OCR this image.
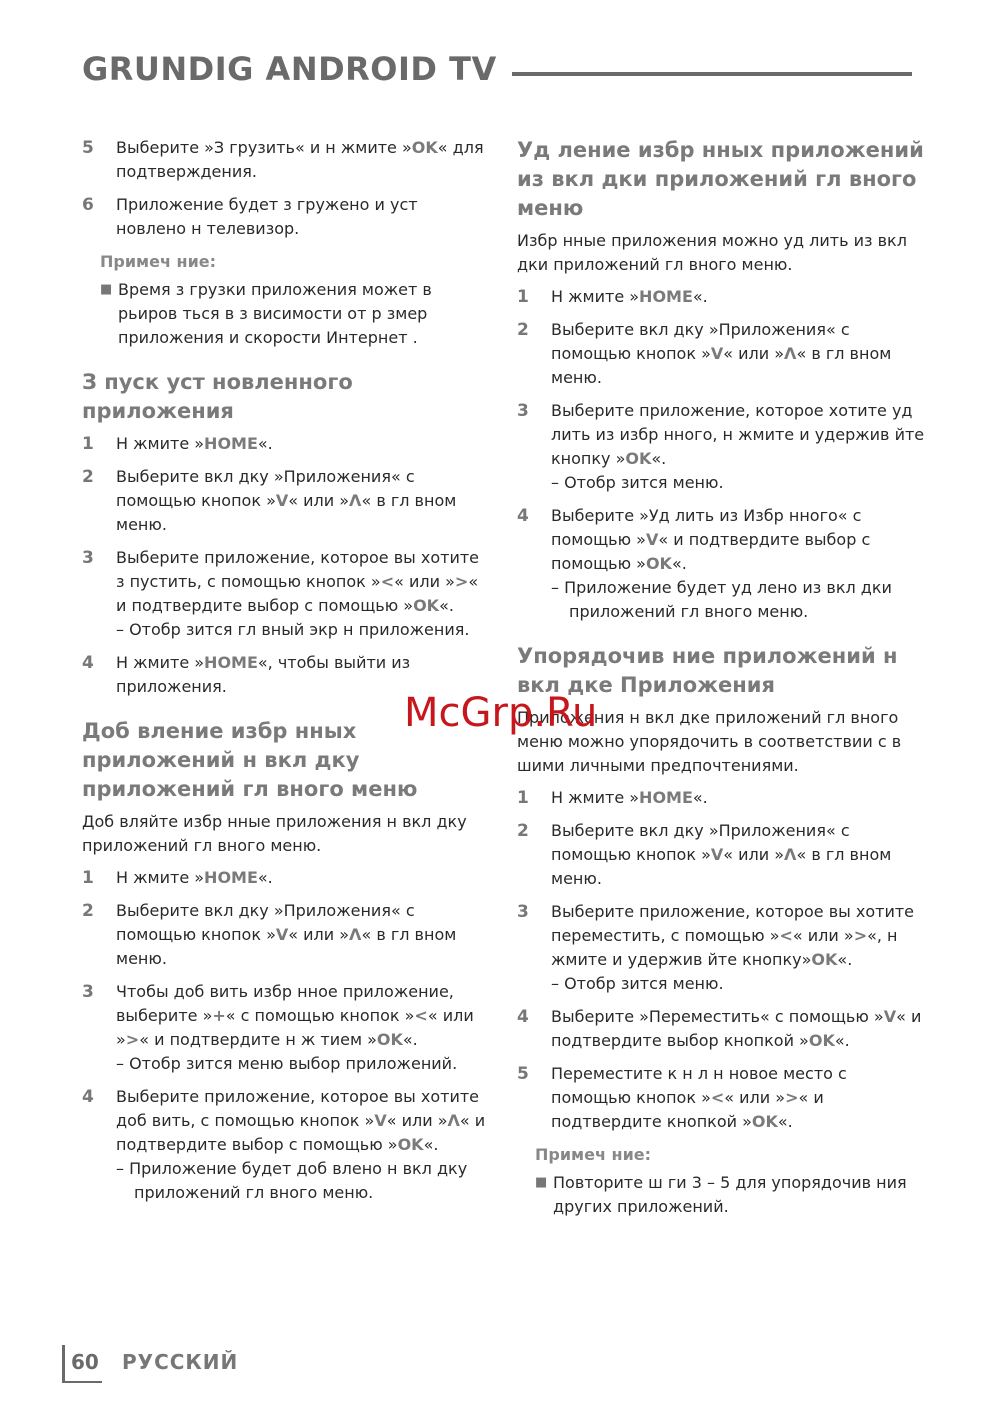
GRUNDIG ANDROID TV
5	Выберите »З грузить« и н жмите »OK« для подтверждения.
6	Приложение будет з гружено и уст новлено н телевизор.
Примеч ние:
■ Время з грузки приложения может в рьиров ться в з висимости от р змер приложения и скорости Интернет .
З пуск уст новленного приложения
1	Н жмите »HOME«.
2	Выберите вкл дку »Приложения« с помощью кнопок »V« или »Λ« в гл вном меню.
3	Выберите приложение, которое вы хотите з пустить, с помощью кнопок »<« или »>« и подтвердите выбор с помощью »OK«.
– Отобр зится гл вный экр н приложения.
4	Н жмите »HOME«, чтобы выйти из приложения.
Доб вление избр нных приложений н вкл дку приложений гл вного меню
Доб вляйте избр нные приложения н вкл дку приложений гл вного меню.
1	Н жмите »HOME«.
2	Выберите вкл дку »Приложения« с помощью кнопок »V« или »Λ« в гл вном меню.
3	Чтобы доб вить избр нное приложение, выберите »+« с помощью кнопок »<« или »>« и подтвердите н ж тием »OK«.
– Отобр зится меню выбор приложений.
4	Выберите приложение, которое вы хотите доб вить, с помощью кнопок »V« или »Λ« и подтвердите выбор с помощью »OK«.
– Приложение будет доб влено н вкл дку приложений гл вного меню.
Уд ление избр нных приложений из вкл дки приложений гл вного меню
Избр нные приложения можно уд лить из вкл дки приложений гл вного меню.
1	Н жмите »HOME«.
2	Выберите вкл дку »Приложения« с помощью кнопок »V« или »Λ« в гл вном меню.
3	Выберите приложение, которое хотите уд лить из избр нного, н жмите и удержив йте кнопку »OK«.
– Отобр зится меню.
4	Выберите »Уд лить из Избр нного« с помощью »V« и подтвердите выбор с помощью »OK«.
– Приложение будет уд лено из вкл дки приложений гл вного меню.
Упорядочив ние приложений н вкл дке Приложения
Приложения н вкл дке приложений гл вного меню можно упорядочить в соответствии с в шими личными предпочтениями.
1	Н жмите »HOME«.
2	Выберите вкл дку »Приложения« с помощью кнопок »V« или »Λ« в гл вном меню.
3	Выберите приложение, которое вы хотите переместить, с помощью »<« или »>«, н жмите и удержив йте кнопку»OK«.
– Отобр зится меню.
4	Выберите »Переместить« с помощью »V« и подтвердите выбор кнопкой »OK«.
5	Переместите к н л н новое место с помощью кнопок »<« или »>« и подтвердите кнопкой »OK«.
Примеч ние:
■ Повторите ш ги 3 – 5 для упорядочив ния других приложений.
McGrp.Ru
60 РУССКИЙ
